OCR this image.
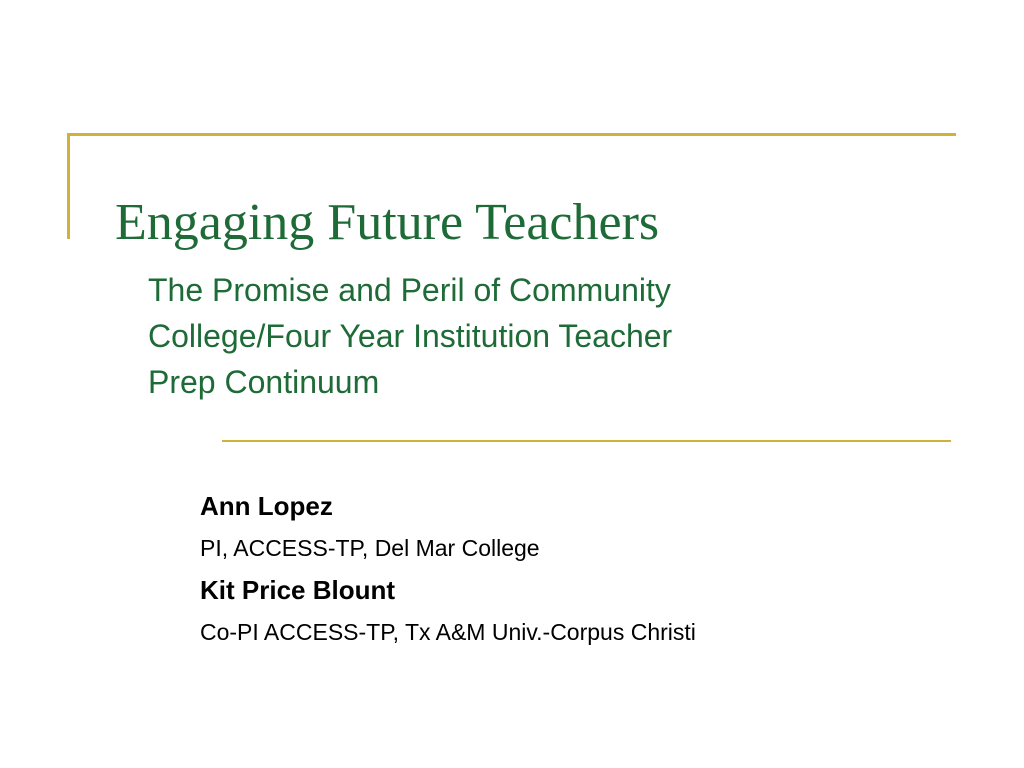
Engaging Future Teachers
The Promise and Peril of Community
College/Four Year Institution Teacher
Prep Continuum
Ann Lopez
PI, ACCESS-TP, Del Mar College
Kit Price Blount
Co-PI ACCESS-TP, Tx A&M Univ.-Corpus Christi
